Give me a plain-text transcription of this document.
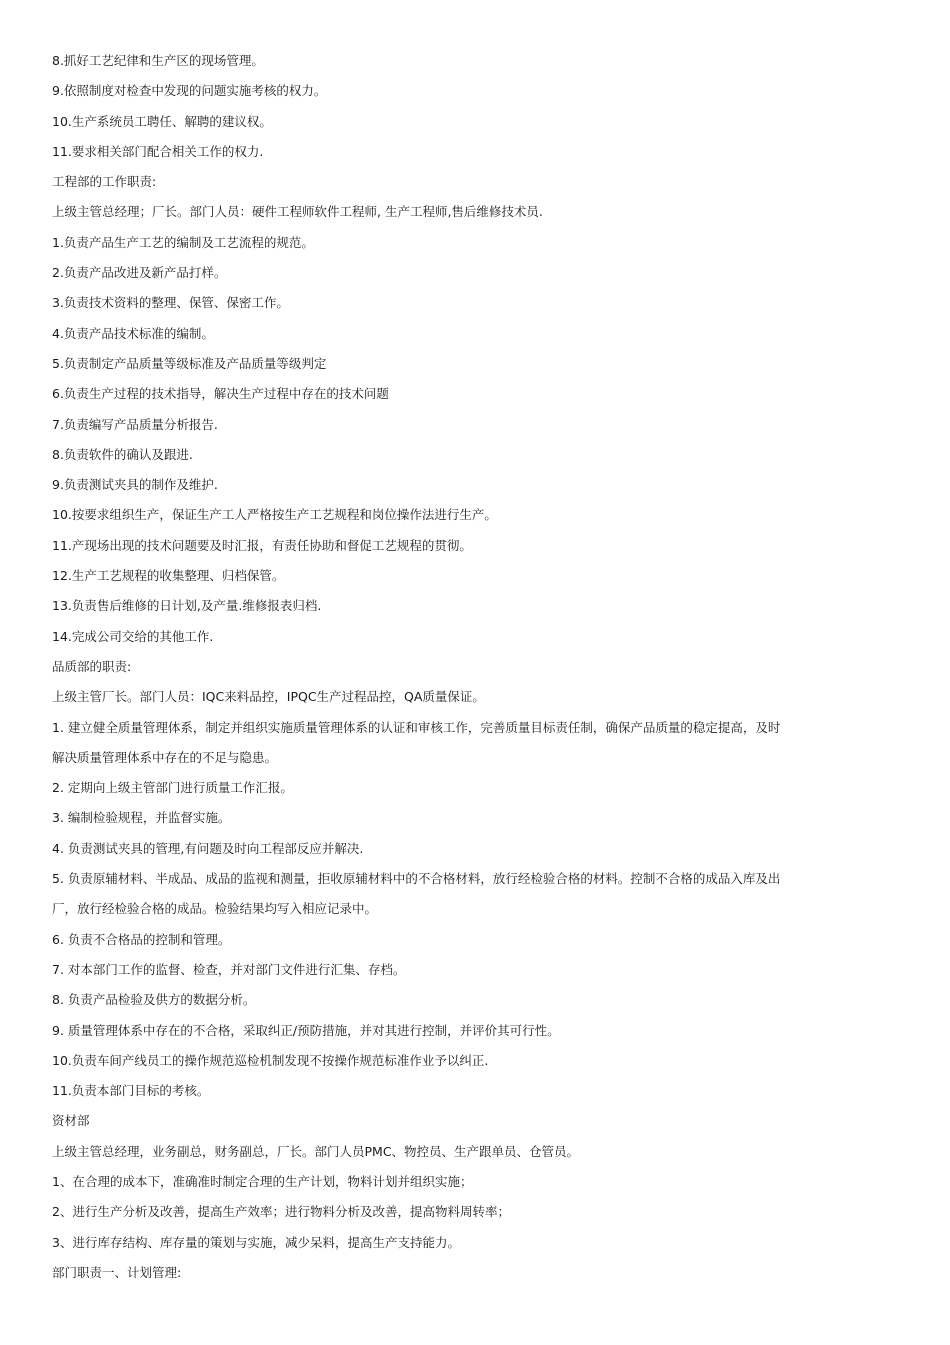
8.抓好工艺纪律和生产区的现场管理。
9.依照制度对检查中发现的问题实施考核的权力。
10.生产系统员工聘任、解聘的建议权。
11.要求相关部门配合相关工作的权力.
工程部的工作职责:
上级主管总经理；厂长。部门人员：硬件工程师软件工程师, 生产工程师,售后维修技术员.
1.负责产品生产工艺的编制及工艺流程的规范。
2.负责产品改进及新产品打样。
3.负责技术资料的整理、保管、保密工作。
4.负责产品技术标准的编制。
5.负责制定产品质量等级标准及产品质量等级判定
6.负责生产过程的技术指导，解决生产过程中存在的技术问题
7.负责编写产品质量分析报告.
8.负责软件的确认及跟进.
9.负责测试夹具的制作及维护.
10.按要求组织生产，保证生产工人严格按生产工艺规程和岗位操作法进行生产。
11.产现场出现的技术问题要及时汇报，有责任协助和督促工艺规程的贯彻。
12.生产工艺规程的收集整理、归档保管。
13.负责售后维修的日计划,及产量.维修报表归档.
14.完成公司交给的其他工作.
品质部的职责:
上级主管厂长。部门人员：IQC来料品控，IPQC生产过程品控，QA质量保证。
1. 建立健全质量管理体系，制定并组织实施质量管理体系的认证和审核工作，完善质量目标责任制，确保产品质量的稳定提高，及时
解决质量管理体系中存在的不足与隐患。
2. 定期向上级主管部门进行质量工作汇报。
3. 编制检验规程，并监督实施。
4. 负责测试夹具的管理,有问题及时向工程部反应并解决.
5. 负责原辅材料、半成品、成品的监视和测量，拒收原辅材料中的不合格材料，放行经检验合格的材料。控制不合格的成品入库及出
厂，放行经检验合格的成品。检验结果均写入相应记录中。
6. 负责不合格品的控制和管理。
7. 对本部门工作的监督、检查，并对部门文件进行汇集、存档。
8. 负责产品检验及供方的数据分析。
9. 质量管理体系中存在的不合格，采取纠正/预防措施，并对其进行控制，并评价其可行性。
10.负责车间产线员工的操作规范巡检机制发现不按操作规范标准作业予以纠正.
11.负责本部门目标的考核。
资材部
上级主管总经理，业务副总，财务副总，厂长。部门人员PMC、物控员、生产跟单员、仓管员。
1、在合理的成本下，准确准时制定合理的生产计划，物料计划并组织实施；
2、进行生产分析及改善，提高生产效率；进行物料分析及改善，提高物料周转率；
3、进行库存结构、库存量的策划与实施，减少呆料，提高生产支持能力。
部门职责一、计划管理:
